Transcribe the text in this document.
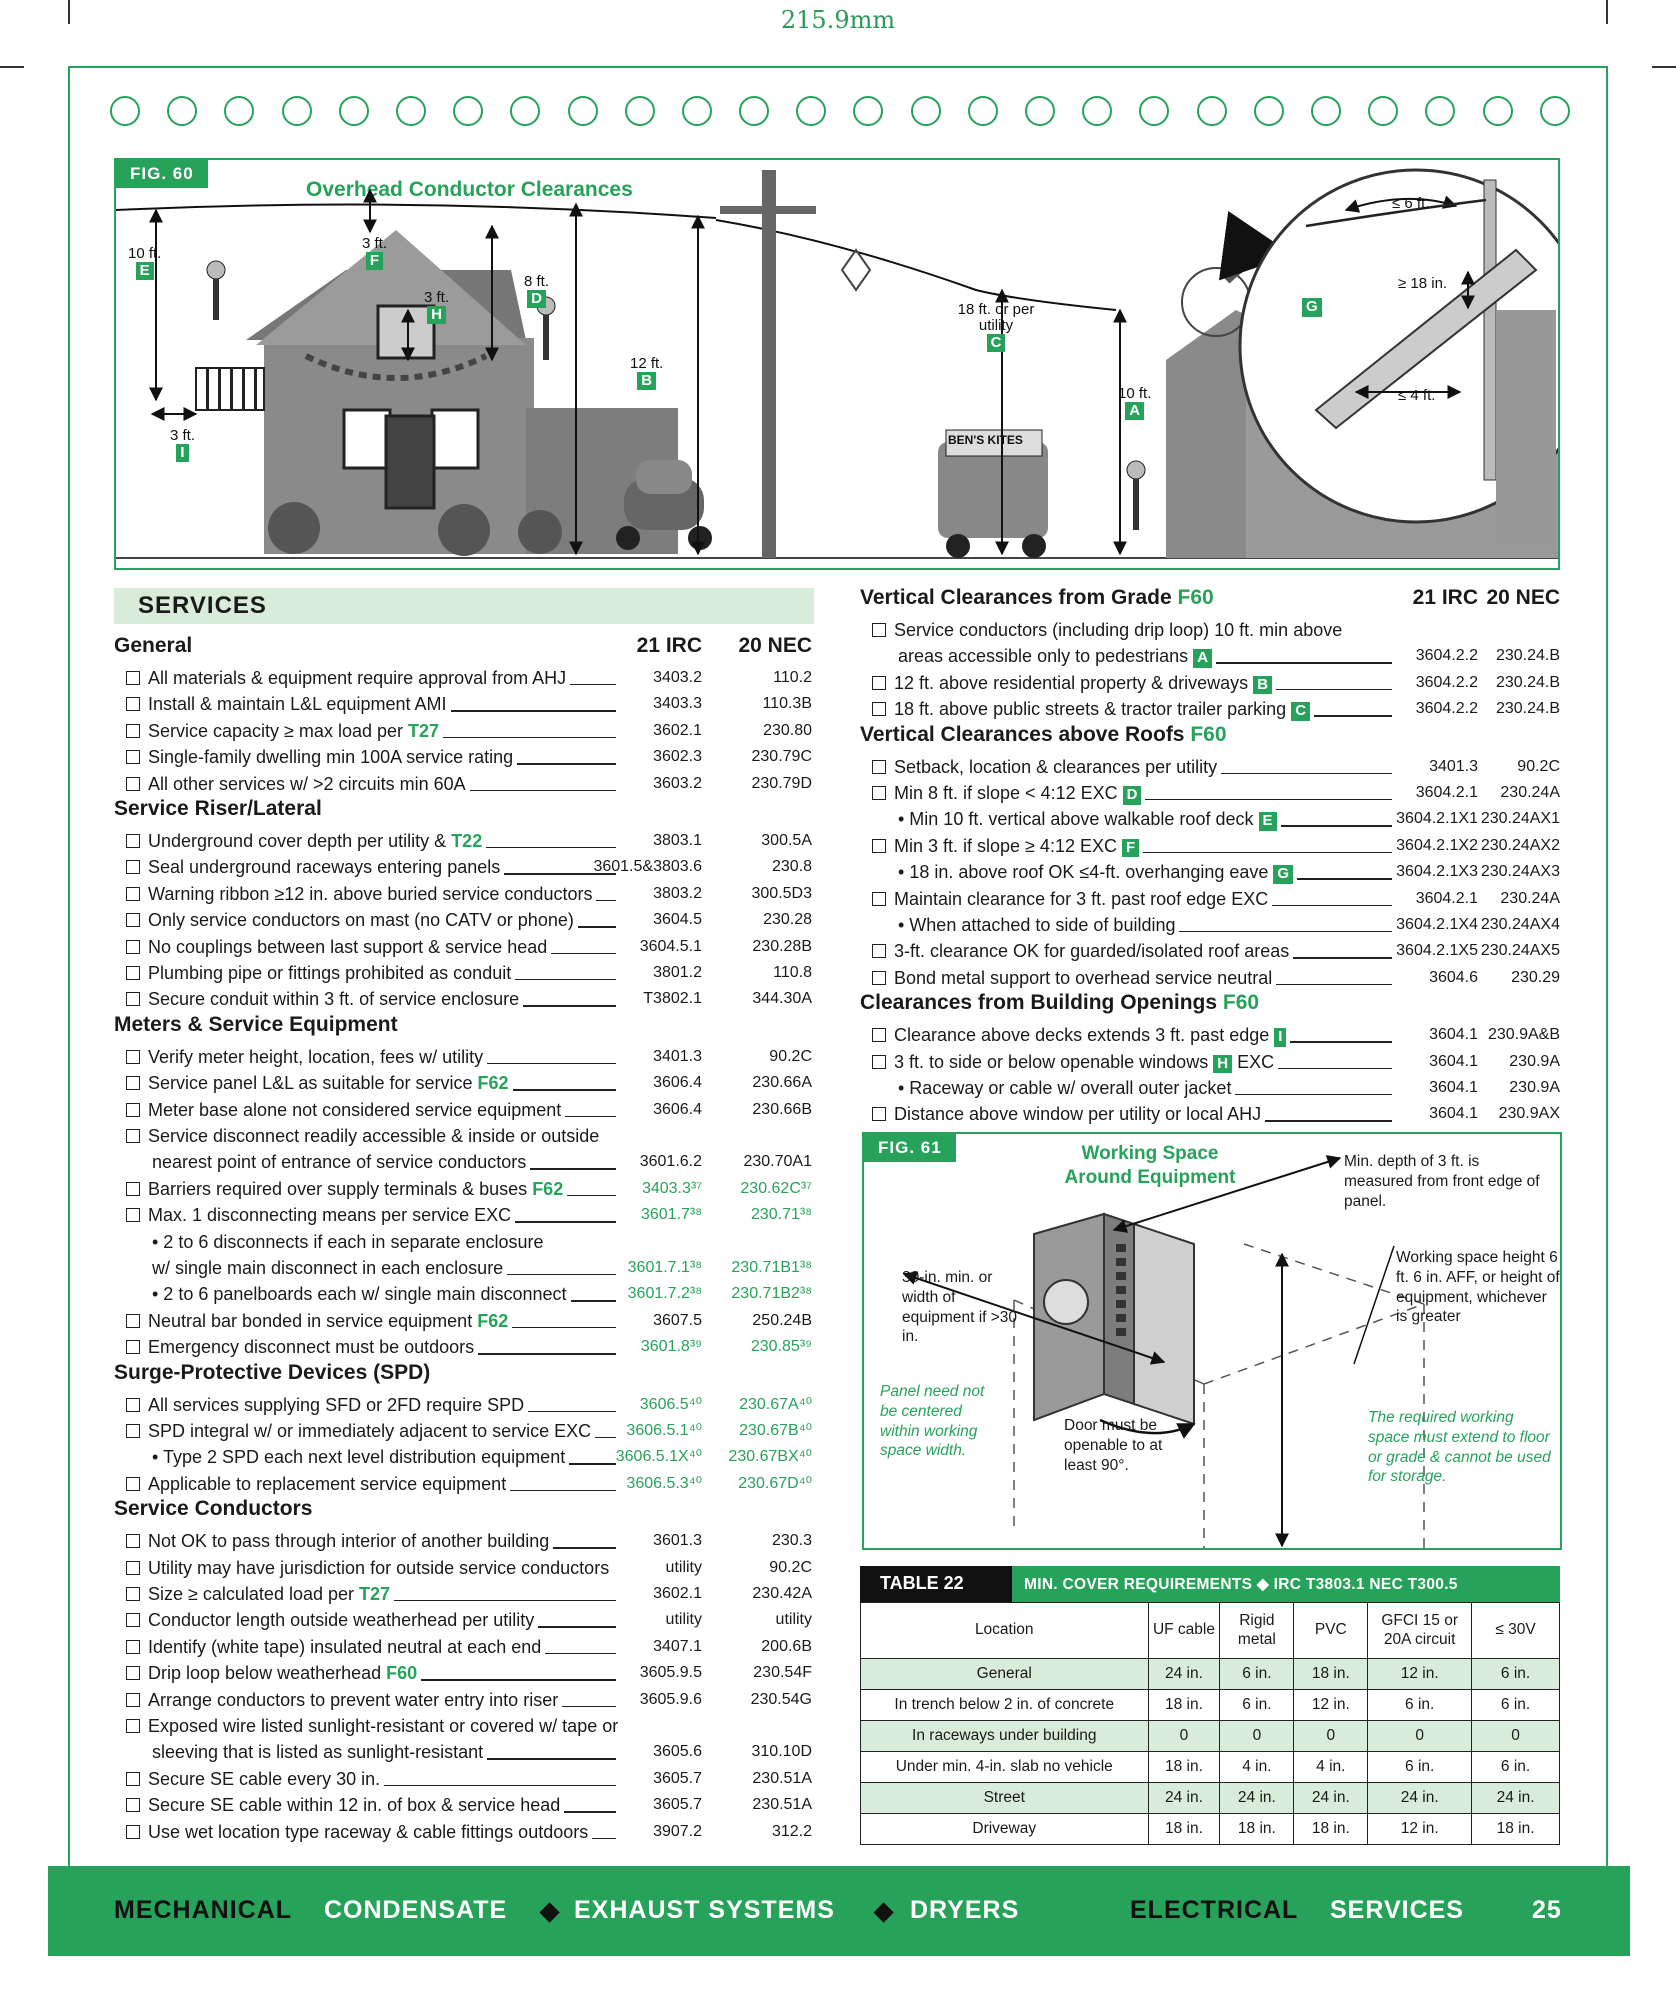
215.9mm
FIG. 60
Overhead Conductor Clearances
10 ft.
E
3 ft.
F
3 ft.
H
8 ft.
D
3 ft.
I
12 ft.
B
18 ft. or per utility
C
10 ft.
A
G
≤ 6 ft.
≥ 18 in.
≤ 4 ft.
BEN'S KITES
SERVICES
General	21 IRC 20 NEC
All materials & equipment require approval from AHJ	3403.2	110.2
Install & maintain L&L equipment AMI	3403.3	110.3B
Service capacity ≥ max load per T27	3602.1	230.80
Single-family dwelling min 100A service rating	3602.3	230.79C
All other services w/ >2 circuits min 60A	3603.2	230.79D
Service Riser/Lateral
Underground cover depth per utility & T22	3803.1	300.5A
Seal underground raceways entering panels	3601.5&3803.6	230.8
Warning ribbon ≥12 in. above buried service conductors	3803.2	300.5D3
Only service conductors on mast (no CATV or phone)	3604.5	230.28
No couplings between last support & service head	3604.5.1	230.28B
Plumbing pipe or fittings prohibited as conduit	3801.2	110.8
Secure conduit within 3 ft. of service enclosure	T3802.1	344.30A
Meters & Service Equipment
Verify meter height, location, fees w/ utility	3401.3	90.2C
Service panel L&L as suitable for service F62	3606.4	230.66A
Meter base alone not considered service equipment	3606.4	230.66B
Service disconnect readily accessible & inside or outside
nearest point of entrance of service conductors	3601.6.2	230.70A1
Barriers required over supply terminals & buses F62	3403.3³⁷ 230.62C³⁷
Max. 1 disconnecting means per service EXC	3601.7³⁸	230.71³⁸
• 2 to 6 disconnects if each in separate enclosure
w/ single main disconnect in each enclosure	3601.7.1³⁸ 230.71B1³⁸
• 2 to 6 panelboards each w/ single main disconnect	3601.7.2³⁸ 230.71B2³⁸
Neutral bar bonded in service equipment F62	3607.5	250.24B
Emergency disconnect must be outdoors	3601.8³⁹	230.85³⁹
Surge-Protective Devices (SPD)
All services supplying SFD or 2FD require SPD	3606.5⁴⁰ 230.67A⁴⁰
SPD integral w/ or immediately adjacent to service EXC 3606.5.1⁴⁰ 230.67B⁴⁰
• Type 2 SPD each next level distribution equipment	3606.5.1X⁴⁰ 230.67BX⁴⁰
Applicable to replacement service equipment	3606.5.3⁴⁰ 230.67D⁴⁰
Service Conductors
Not OK to pass through interior of another building	3601.3	230.3
Utility may have jurisdiction for outside service conductors	utility	90.2C
Size ≥ calculated load per T27	3602.1	230.42A
Conductor length outside weatherhead per utility	utility	utility
Identify (white tape) insulated neutral at each end	3407.1	200.6B
Drip loop below weatherhead F60	3605.9.5	230.54F
Arrange conductors to prevent water entry into riser	3605.9.6	230.54G
Exposed wire listed sunlight-resistant or covered w/ tape or
sleeving that is listed as sunlight-resistant	3605.6	310.10D
Secure SE cable every 30 in.	3605.7	230.51A
Secure SE cable within 12 in. of box & service head	3605.7	230.51A
Use wet location type raceway & cable fittings outdoors	3907.2	312.2
Vertical Clearances from Grade F60	21 IRC 20 NEC
Service conductors (including drip loop) 10 ft. min above
areas accessible only to pedestrians A	3604.2.2 230.24.B
12 ft. above residential property & driveways B	3604.2.2 230.24.B
18 ft. above public streets & tractor trailer parking C	3604.2.2 230.24.B
Vertical Clearances above Roofs F60
Setback, location & clearances per utility	3401.3 90.2C
Min 8 ft. if slope < 4:12 EXC D	3604.2.1 230.24A
• Min 10 ft. vertical above walkable roof deck E	3604.2.1X1 230.24AX1
Min 3 ft. if slope ≥ 4:12 EXC F	3604.2.1X2 230.24AX2
• 18 in. above roof OK ≤4-ft. overhanging eave G	3604.2.1X3 230.24AX3
Maintain clearance for 3 ft. past roof edge EXC	3604.2.1 230.24A
• When attached to side of building	3604.2.1X4 230.24AX4
3-ft. clearance OK for guarded/isolated roof areas	3604.2.1X5 230.24AX5
Bond metal support to overhead service neutral	3604.6 230.29
Clearances from Building Openings F60
Clearance above decks extends 3 ft. past edge I	3604.1 230.9A&B
3 ft. to side or below openable windows H EXC	3604.1 230.9A
• Raceway or cable w/ overall outer jacket	3604.1 230.9A
Distance above window per utility or local AHJ	3604.1 230.9AX
FIG. 61	Working Space
Around Equipment
Min. depth of 3 ft. is measured from front edge of panel.
Working space height 6 ft. 6 in. AFF, or height of equipment, whichever is greater
30-in. min. or width of equipment if >30 in.
Panel need not be centered within working space width.
Door must be openable to at least 90°.
The required working space must extend to floor or grade & cannot be used for storage.
TABLE 22	MIN. COVER REQUIREMENTS ◆ IRC T3803.1 NEC T300.5
Location	UF cable	Rigid metal	PVC	GFCI 15 or 20A circuit	≤ 30V
General	24 in.	6 in.	18 in.	12 in.	6 in.
In trench below 2 in. of concrete	18 in.	6 in.	12 in.	6 in.	6 in.
In raceways under building	0	0	0	0	0
Under min. 4-in. slab no vehicle	18 in.	4 in.	4 in.	6 in.	6 in.
Street	24 in.	24 in.	24 in.	24 in.	24 in.
Driveway	18 in.	18 in.	18 in.	12 in.	18 in.
MECHANICAL CONDENSATE ◆ EXHAUST SYSTEMS ◆ DRYERS	ELECTRICAL SERVICES	25
